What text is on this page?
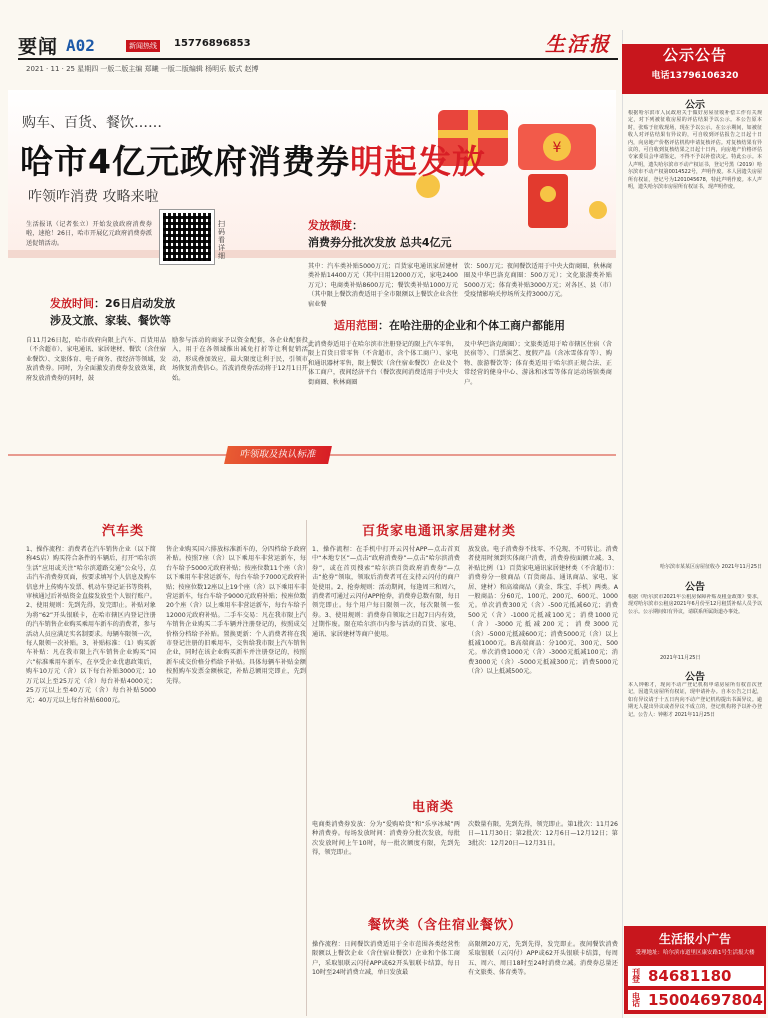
要闻 A02	新闻热线	15776896853	生活报
2021 · 11 · 25 星期四 一版二版主编 郑曦 一版二版编辑 杨明乐 版式 赵博
¥
购车、百货、餐饮……
哈市4亿元政府消费券明起发放
咋领咋消费 攻略来啦
生活报讯（记者张立）开始发放政府消费券啦，速抢！26日，哈市开展亿元政府消费券派送促销活动。
扫码看详细
发放时间：26日启动发放
涉及文旅、家装、餐饮等
自11月26日起，哈市政府向限上汽车、百货用品（不含超市）、家电通讯、家居建材、餐饮（含住宿业餐饮）、文旅体育、电子商务、夜经济等领域，发放消费券。同时，为全面激发消费券发放效果，政府发放消费券的同时，鼓
励参与活动的商家予以资金配套，各企业配套投入，用于在各领域推出减免打折等让利促销活动，形成叠加效应，最大限度让利于民，引领市场恢复消费信心。首波消费券活动将于12月1日开始。
发放额度：
消费券分批次发放 总共4亿元
其中：汽车类补贴5000万元；百货家电通讯家居建材类补贴14400万元（其中日用12000万元，家电2400万元）；电商类补贴8600万元；餐饮类补贴1000万元（其中限上餐饮消费适用于全市限额以上餐饮企业含住宿业餐
饮：500万元；夜间餐饮适用于中央大街商圈、秋林商圈及中华巴洛克商圈：500万元）；文化旅游类补贴5000万元；体育类补贴3000万元；对各区、县（市）受疫情影响关停场所支持3000万元。
适用范围：在哈注册的企业和个体工商户都能用
此消费券适用于在哈尔滨市注册登记的限上汽车零售，限上百货日常零售（不含超市，含个体工商户）、家电和通讯器材零售，限上餐饮（含住宿业餐饮）企业及个体工商户，夜间经济平台（餐饮夜间消费适用于中央大街商圈、秋林商圈
及中华巴洛克商圈）；文旅类适用于哈市辖区住宿（含民宿等）、门票演艺、度假产品（含冰雪体育等）、购物、旅游餐饮等；体育类适用于哈尔滨正规合法、正常经营的健身中心、游泳和冰雪等体育运动场馆类商户。
咋领取及执认标准
汽车类
1、操作流程：消费者在汽车销售企业（以下简称4S店）购买符合条件的车辆后，打开“哈尔滨生活”应用或关注“哈尔滨道路交通”公众号，点击汽车消费券页面，按要求填写个人信息及购车信息并上传购车发票、机动车登记证书等资料，审核通过后补贴资金直接发放至个人银行账户。2、使用规则：先到先得，发完即止。补贴对象为将“62”开头银联卡，在哈市辖区内登记注册的汽车销售企业购买乘用车新车的消费者，参与活动人员应满足实名制要求。每辆车限领一次，每人限领一次补贴。3、补贴标准：（1）购买新车补贴：凡在我市限上汽车销售企业购买“国六”标准乘用车新车，在享受企业优惠政策后，购车10万元（含）以下每台补贴3000元；10万元以上至25万元（含）每台补贴4000元；25万元以上至40万元（含）每台补贴5000元；40万元以上每台补贴6000元。
售企业购买国六排放标准新车的，分四档给予政府补贴。按照7座（含）以下乘用车非营运新车，每台车给予5000元政府补贴；按座位数11个座（含）以下乘用车非营运新车，每台车给予7000元政府补贴；按座位数12座以上19个座（含）以下乘用车非营运新车，每台车给予9000元政府补贴；按座位数20个座（含）以上乘用车非营运新车，每台车给予12000元政府补贴。二手车交易：凡在我市限上汽车销售企业购买二手车辆并注册登记的，按照成交价格分档给予补贴。置换更新：个人消费者将在我市登记注册的旧乘用车，交售给我市限上汽车销售企业，同时在该企业购买新车并注册登记的，按照新车成交价格分档给予补贴。具体每辆车补贴金额按照购车发票金额核定，补贴总额用完即止，先到先得。
百货家电通讯家居建材类
1、操作流程：在手机中打开云闪付APP—点击首页中“本地专区”—点击“政府消费券”—点击“哈尔滨消费券”，或在首页搜索“哈尔滨百货政府消费券”—点击“抢券”领取，领取后消费者可在支持云闪付的商户处使用。2、抢券规则：活动期间，每逢周三和周六，消费者可通过云闪付APP抢券，消费券总数有限，每日领完即止。每个用户每日限领一次，每次限领一张券。3、使用规则：消费券自领取之日起7日内有效，过期作废。限在哈尔滨市内参与活动的百货、家电、通讯、家居建材等商户使用。
放发放。电子消费券不找零、不兑现、不可转让。消费者使用时须到实体商户消费，消费券按面额立减。3、补贴比例（1）百货家电通讯家居建材类（不含超市）：消费券分一般商品（百货商品、通讯商品、家电、家居、建材）和高端商品（黄金、珠宝、手机）两类。A一般商品：分60元、100元、200元、600元、1000元。单次消费300元（含）-500元抵减60元；消费500元（含）-1000元抵减100元；消费1000元（含）-3000元抵减200元；消费3000元（含）-5000元抵减600元；消费5000元（含）以上抵减1000元。B高端商品：分100元、300元、500元。单次消费1000元（含）-3000元抵减100元；消费3000元（含）-5000元抵减300元；消费5000元（含）以上抵减500元。
电商类
电商类消费券发放：分为“爱购哈货”和“乐享冰城”两种消费券。每场发放时间：消费券分批次发放，每批次发放时间上午10时，每一批次额度有限，先到先得，领完即止。
次数量有限，先到先得，领完即止。第1批次：11月26日—11月30日；第2批次：12月6日—12月12日；第3批次：12月20日—12月31日。
餐饮类（含住宿业餐饮）
操作流程：日间餐饮消费适用于全市范围各类经营性限额以上餐饮企业（含住宿业餐饮）企业和个体工商户，采取银联云闪付APP或62开头银联卡结算，每日10时至24时消费立减，单日发放最
高限额20万元，先到先得，发完即止。夜间餐饮消费采取银联（云闪付）APP或62开头银联卡结算，每周五、周六、周日18时至24时消费立减。消费券总量还有文旅类、体育类等。
公示公告
电话13796106320
公示
根据哈尔滨市人民政府关于做好房屋征收补偿工作有关规定，对下列被征收房屋的评估结果予以公示。本公告原本时，张贴于征收现场，现在予以公示。在公示期间，如被征收人对评估结果有异议的，可自收到评估报告之日起十日内，向房地产价格评估机构申请复核评估。对复核结果有异议的，可自收到复核结果之日起十日内，向房地产价格评估专家委员会申请鉴定。不得不予以补偿决定。特此公示。本人声明，遗失哈尔滨市不动产权证书，登记号黑（2019）哈尔滨市不动产权第0014522号，声明作废。本人因遗失房屋所有权证，登记号为1201045678，特此声明作废。本人声明，遗失哈尔滨市房屋所有权证书，现声明作废。
哈尔滨市某某区房屋征收办 2021年11月25日
公告
根据《哈尔滨市2021年公租房保障补贴及租金政策》要求，现对哈尔滨市公租房2021年6月份至12月租赁补贴人员予以公示。公示期间如有异议，请联系所属街道办事处。
2021年11月25日
公告
本人钟彬才，现向不动产登记机构申请房屋所有权首次登记，因遗失房屋所有权证，现申请补办。自本公告之日起，如有异议请于十五日内向不动产登记机构提出书面异议。逾期无人提出异议或者异议不成立的，登记机构将予以补办登记。公告人：钟彬才 2021年11月25日
生活报小广告
受理地址：哈尔滨市道里区康安路1号生活报大楼
刊登 84681180
电话 15004697804
